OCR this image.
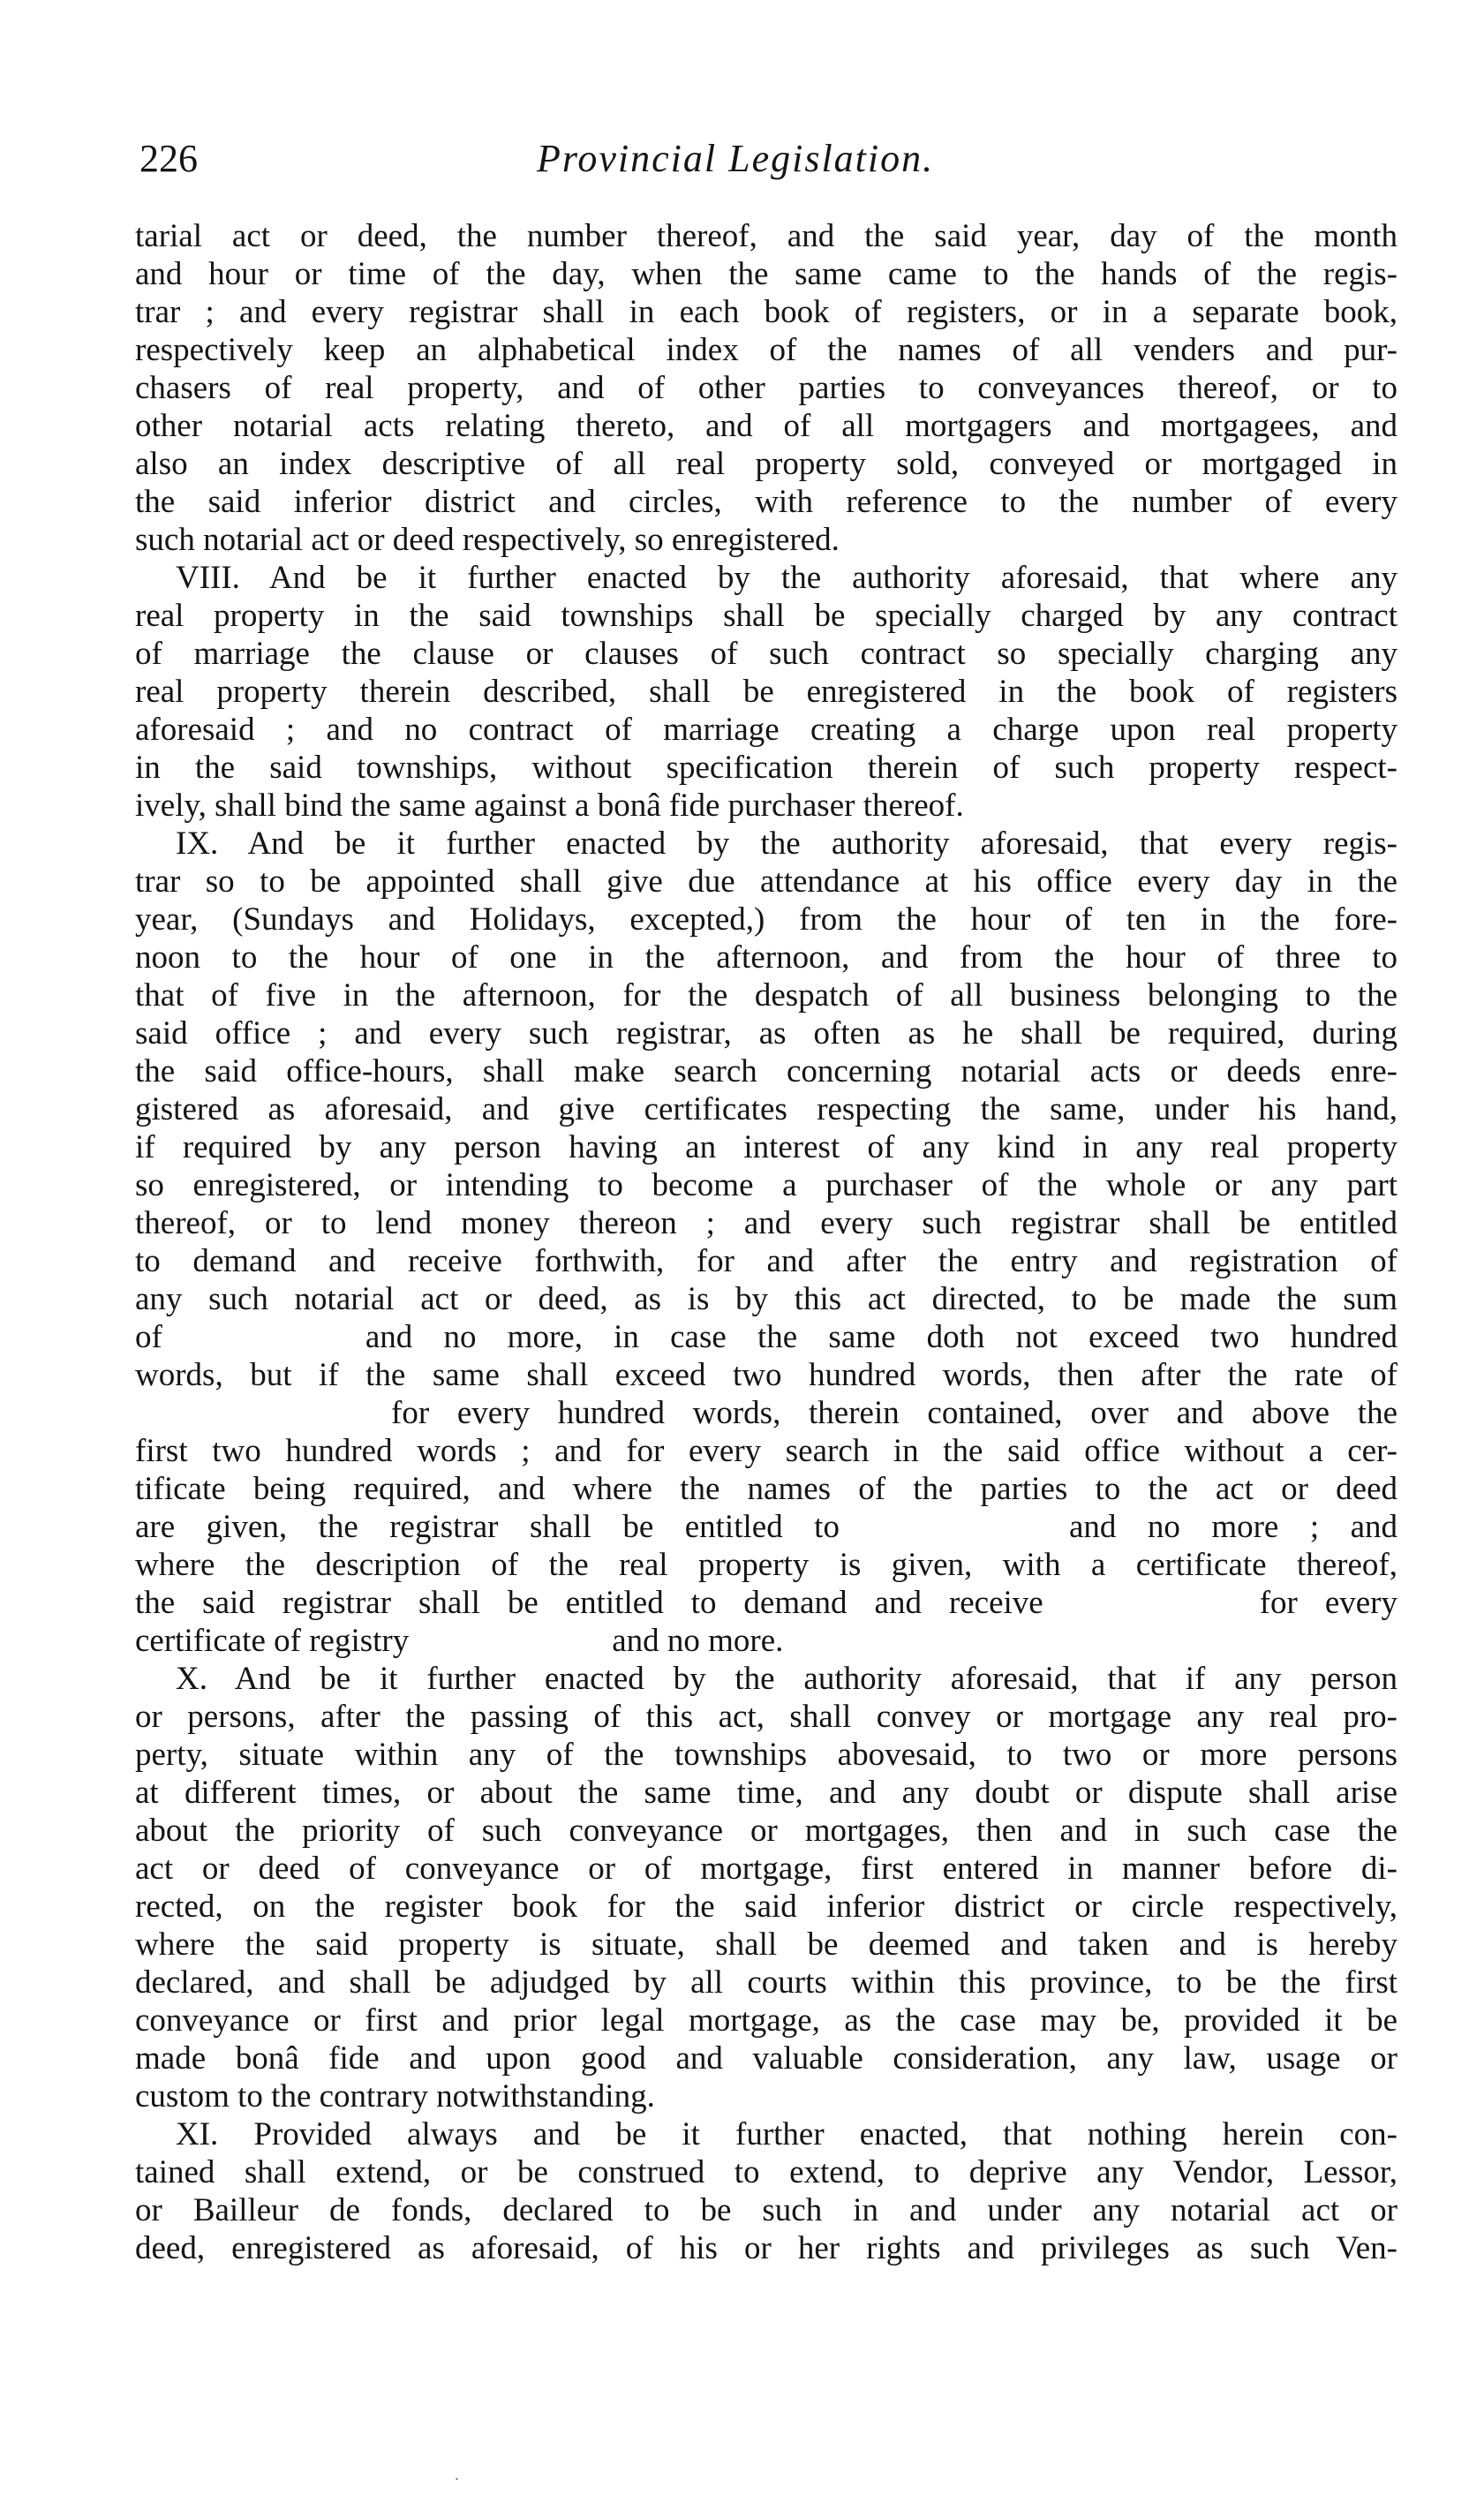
226	Provincial Legislation.
tarial act or deed, the number thereof, and the said year, day of the month
and hour or time of the day, when the same came to the hands of the regis-
trar ; and every registrar shall in each book of registers, or in a separate book,
respectively keep an alphabetical index of the names of all venders and pur-
chasers of real property, and of other parties to conveyances thereof, or to
other notarial acts relating thereto, and of all mortgagers and mortgagees, and
also an index descriptive of all real property sold, conveyed or mortgaged in
the said inferior district and circles, with reference to the number of every
such notarial act or deed respectively, so enregistered.
VIII. And be it further enacted by the authority aforesaid, that where any
real property in the said townships shall be specially charged by any contract
of marriage the clause or clauses of such contract so specially charging any
real property therein described, shall be enregistered in the book of registers
aforesaid ; and no contract of marriage creating a charge upon real property
in the said townships, without specification therein of such property respect-
ively, shall bind the same against a bonâ fide purchaser thereof.
IX. And be it further enacted by the authority aforesaid, that every regis-
trar so to be appointed shall give due attendance at his office every day in the
year, (Sundays and Holidays, excepted,) from the hour of ten in the fore-
noon to the hour of one in the afternoon, and from the hour of three to
that of five in the afternoon, for the despatch of all business belonging to the
said office ; and every such registrar, as often as he shall be required, during
the said office-hours, shall make search concerning notarial acts or deeds enre-
gistered as aforesaid, and give certificates respecting the same, under his hand,
if required by any person having an interest of any kind in any real property
so enregistered, or intending to become a purchaser of the whole or any part
thereof, or to lend money thereon ; and every such registrar shall be entitled
to demand and receive forthwith, for and after the entry and registration of
any such notarial act or deed, as is by this act directed, to be made the sum
of	and no more, in case the same doth not exceed two hundred
words, but if the same shall exceed two hundred words, then after the rate of
for every hundred words, therein contained, over and above the
first two hundred words ; and for every search in the said office without a cer-
tificate being required, and where the names of the parties to the act or deed
are given, the registrar shall be entitled to	and no more ; and
where the description of the real property is given, with a certificate thereof,
the said registrar shall be entitled to demand and receive	for every
certificate of registry	and no more.
X. And be it further enacted by the authority aforesaid, that if any person
or persons, after the passing of this act, shall convey or mortgage any real pro-
perty, situate within any of the townships abovesaid, to two or more persons
at different times, or about the same time, and any doubt or dispute shall arise
about the priority of such conveyance or mortgages, then and in such case the
act or deed of conveyance or of mortgage, first entered in manner before di-
rected, on the register book for the said inferior district or circle respectively,
where the said property is situate, shall be deemed and taken and is hereby
declared, and shall be adjudged by all courts within this province, to be the first
conveyance or first and prior legal mortgage, as the case may be, provided it be
made bonâ fide and upon good and valuable consideration, any law, usage or
custom to the contrary notwithstanding.
XI. Provided always and be it further enacted, that nothing herein con-
tained shall extend, or be construed to extend, to deprive any Vendor, Lessor,
or Bailleur de fonds, declared to be such in and under any notarial act or
deed, enregistered as aforesaid, of his or her rights and privileges as such Ven-
.
